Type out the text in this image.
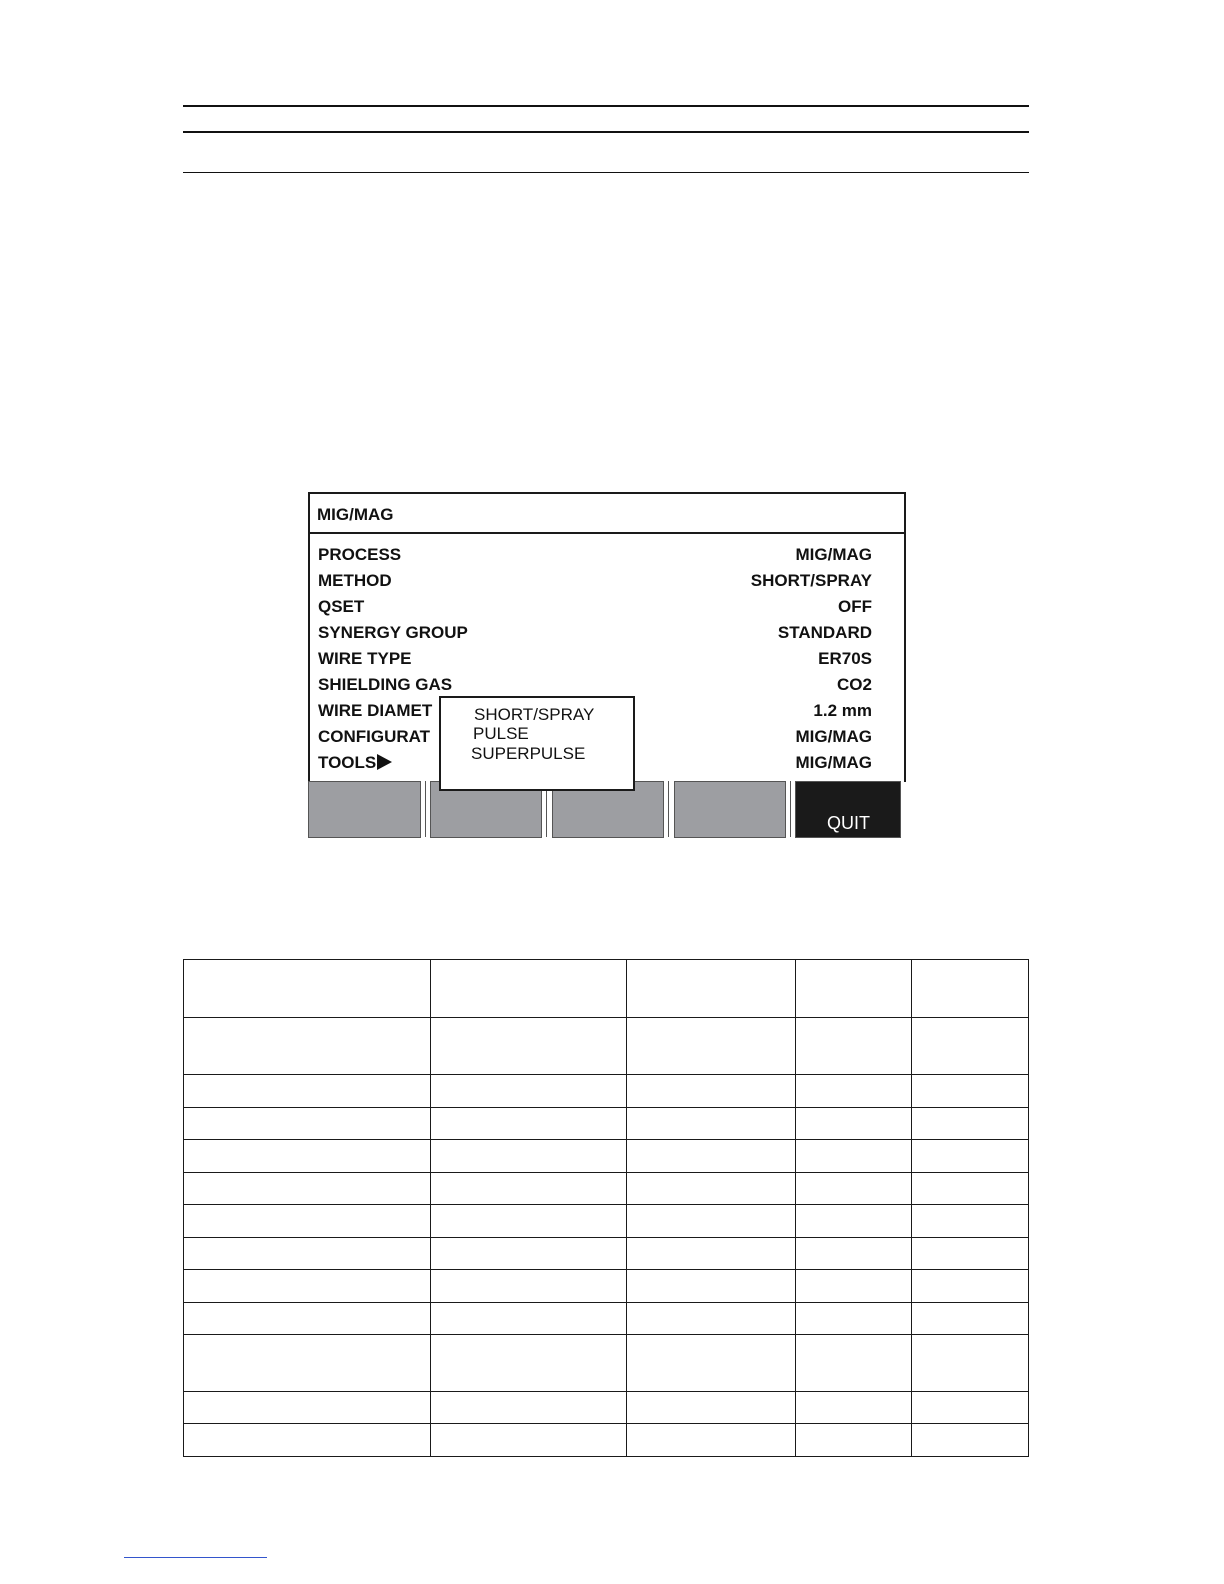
MIG/MAG
PROCESS	MIG/MAG
METHOD	SHORT/SPRAY
QSET	OFF
SYNERGY GROUP	STANDARD
WIRE TYPE	ER70S
SHIELDING GAS	CO2
WIRE DIAMET	1.2 mm
CONFIGURAT	MIG/MAG
TOOLS	MIG/MAG
SHORT/SPRAY
PULSE
SUPERPULSE
QUIT
